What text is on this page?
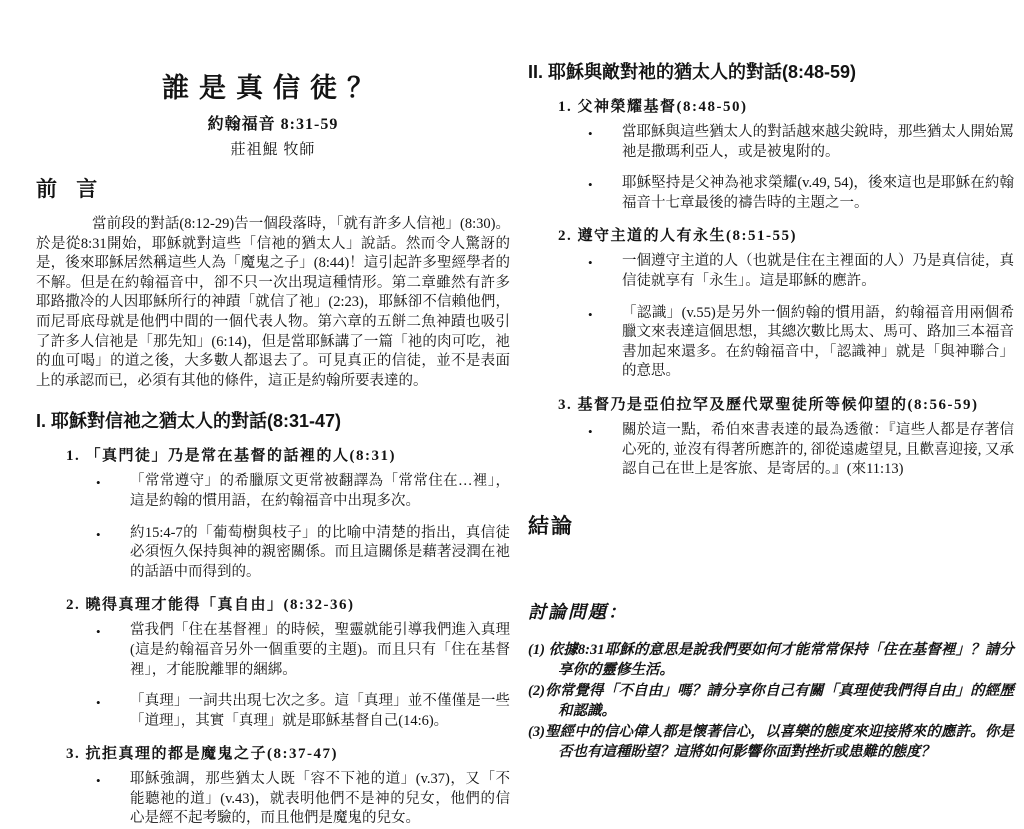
誰是真信徒？
約翰福音 8:31-59
莊祖鯤 牧師
前 言

當前段的對話(8:12-29)告一個段落時，「就有許多人信祂」(8:30)。於是從8:31開始，耶穌就對這些「信祂的猶太人」說話。然而令人驚訝的是，後來耶穌居然稱這些人為「魔鬼之子」(8:44)！這引起許多聖經學者的不解。但是在約翰福音中，卻不只一次出現這種情形。第二章雖然有許多耶路撒冷的人因耶穌所行的神蹟「就信了祂」(2:23)，耶穌卻不信賴他們，而尼哥底母就是他們中間的一個代表人物。第六章的五餅二魚神蹟也吸引了許多人信祂是「那先知」(6:14)，但是當耶穌講了一篇「祂的肉可吃，祂的血可喝」的道之後，大多數人都退去了。可見真正的信徒，並不是表面上的承認而已，必須有其他的條件，這正是約翰所要表達的。

I. 耶穌對信祂之猶太人的對話(8:31-47)
1. 「真門徒」乃是常在基督的話裡的人(8:31)
•	「常常遵守」的希臘原文更常被翻譯為「常常住在…裡」，這是約翰的慣用語，在約翰福音中出現多次。
•	約15:4-7的「葡萄樹與枝子」的比喻中清楚的指出，真信徒必須恆久保持與神的親密關係。而且這關係是藉著浸潤在祂的話語中而得到的。
2. 曉得真理才能得「真自由」(8:32-36)
•	當我們「住在基督裡」的時候，聖靈就能引導我們進入真理(這是約翰福音另外一個重要的主題)。而且只有「住在基督裡」，才能脫離罪的綑綁。
•	「真理」一詞共出現七次之多。這「真理」並不僅僅是一些「道理」，其實「真理」就是耶穌基督自己(14:6)。
3. 抗拒真理的都是魔鬼之子(8:37-47)
•	耶穌強調，那些猶太人既「容不下祂的道」(v.37)，又「不能聽祂的道」(v.43)，就表明他們不是神的兒女，他們的信心是經不起考驗的，而且他們是魔鬼的兒女。
II. 耶穌與敵對祂的猶太人的對話(8:48-59)
1. 父神榮耀基督(8:48-50)
•	當耶穌與這些猶太人的對話越來越尖銳時，那些猶太人開始罵祂是撒瑪利亞人，或是被鬼附的。
•	耶穌堅持是父神為祂求榮耀(v.49, 54)，後來這也是耶穌在約翰福音十七章最後的禱告時的主題之一。
2. 遵守主道的人有永生(8:51-55)
•	一個遵守主道的人（也就是住在主裡面的人）乃是真信徒，真信徒就享有「永生」。這是耶穌的應許。
•	「認識」(v.55)是另外一個約翰的慣用語，約翰福音用兩個希臘文來表達這個思想，其總次數比馬太、馬可、路加三本福音書加起來還多。在約翰福音中，「認識神」就是「與神聯合」的意思。
3. 基督乃是亞伯拉罕及歷代眾聖徒所等候仰望的(8:56-59)
•	關於這一點，希伯來書表達的最為透徹：『這些人都是存著信心死的, 並沒有得著所應許的, 卻從遠處望見, 且歡喜迎接, 又承認自己在世上是客旅、是寄居的。』(來11:13)
結論
討論問題：
(1) 依據8:31耶穌的意思是說我們要如何才能常常保持「住在基督裡」？請分享你的靈修生活。
(2)你常覺得「不自由」嗎？請分享你自己有關「真理使我們得自由」的經歷和認識。
(3)聖經中的信心偉人都是懷著信心，以喜樂的態度來迎接將來的應許。你是否也有這種盼望？這將如何影響你面對挫折或患難的態度？
